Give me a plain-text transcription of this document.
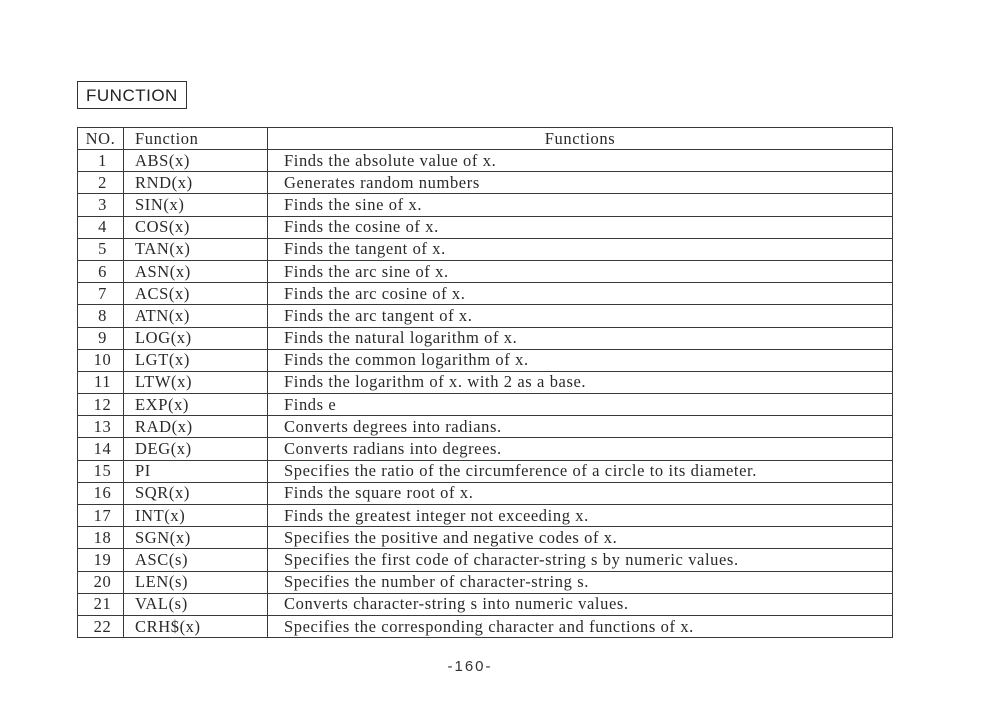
FUNCTION
NO.	Function	Functions
1	ABS(x)	Finds the absolute value of x.
2	RND(x)	Generates random numbers
3	SIN(x)	Finds the sine of x.
4	COS(x)	Finds the cosine of x.
5	TAN(x)	Finds the tangent of x.
6	ASN(x)	Finds the arc sine of x.
7	ACS(x)	Finds the arc cosine of x.
8	ATN(x)	Finds the arc tangent of x.
9	LOG(x)	Finds the natural logarithm of x.
10	LGT(x)	Finds the common logarithm of x.
11	LTW(x)	Finds the logarithm of x. with 2 as a base.
12	EXP(x)	Finds e
13	RAD(x)	Converts degrees into radians.
14	DEG(x)	Converts radians into degrees.
15	PI	Specifies the ratio of the circumference of a circle to its diameter.
16	SQR(x)	Finds the square root of x.
17	INT(x)	Finds the greatest integer not exceeding x.
18	SGN(x)	Specifies the positive and negative codes of x.
19	ASC(s)	Specifies the first code of character-string s by numeric values.
20	LEN(s)	Specifies the number of character-string s.
21	VAL(s)	Converts character-string s into numeric values.
22	CRH$(x)	Specifies the corresponding character and functions of x.
-160-
